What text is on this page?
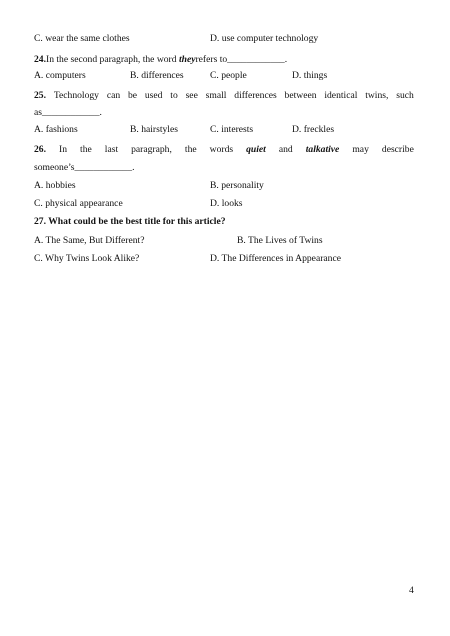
C. wear the same clothes	D. use computer technology
24.In the second paragraph, the word theyrefers to____________.
A. computers	B. differences	C. people	D. things
25. Technology can be used to see small differences between identical twins, such
as____________.
A. fashions	B. hairstyles	C. interests	D. freckles
26. In the last paragraph, the words quiet and talkative may describe
someone’s____________.
A. hobbies	B. personality
C. physical appearance	D. looks
27. What could be the best title for this article?
A. The Same, But Different?	B. The Lives of Twins
C. Why Twins Look Alike?	D. The Differences in Appearance
4
